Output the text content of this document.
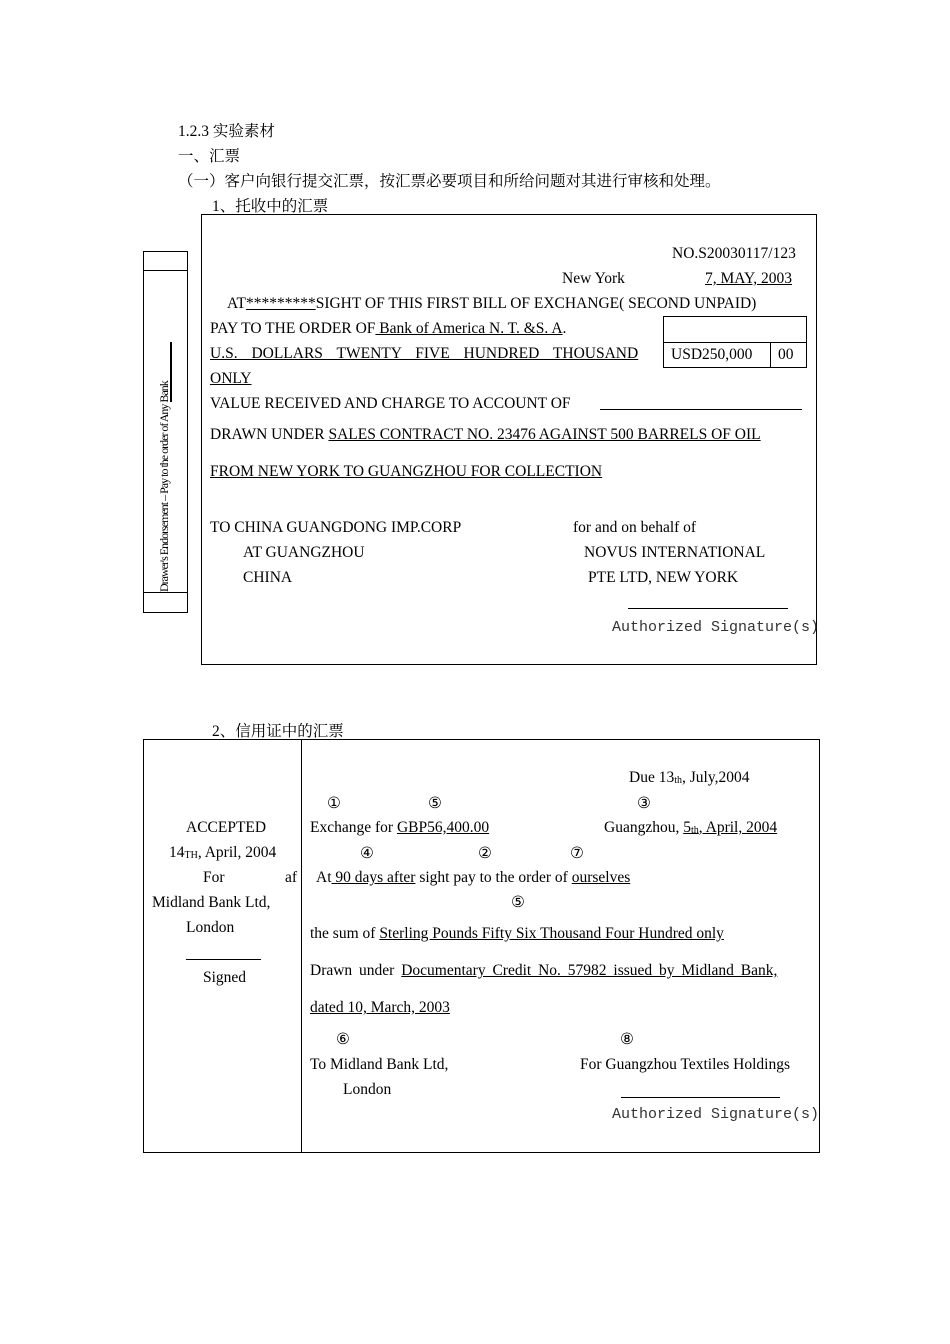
1.2.3 实验素材
一、汇票
（一）客户向银行提交汇票，按汇票必要项目和所给问题对其进行审核和处理。
1、托收中的汇票
Drawer's Endorsement – Pay to the order of Any Bank
NO.S20030117/123
New York	7, MAY, 2003
AT*********SIGHT OF THIS FIRST BILL OF EXCHANGE( SECOND UNPAID)
PAY TO THE ORDER OF Bank of America N. T. &S. A.
USD250,000 00
U.S. DOLLARS TWENTY FIVE HUNDRED THOUSAND
ONLY
VALUE RECEIVED AND CHARGE TO ACCOUNT OF
DRAWN UNDER SALES CONTRACT NO. 23476 AGAINST 500 BARRELS OF OIL
FROM NEW YORK TO GUANGZHOU FOR COLLECTION
TO CHINA GUANGDONG IMP.CORP
AT GUANGZHOU
CHINA
for and on behalf of
NOVUS INTERNATIONAL
PTE LTD, NEW YORK
Authorized Signature(s)
2、信用证中的汇票
ACCEPTED
14TH, April, 2004
For	af
Midland Bank Ltd,
London
Signed
Due 13th, July,2004
①	⑤	③
Exchange for GBP56,400.00	Guangzhou, 5th, April, 2004
④	②	⑦
At 90 days after sight pay to the order of ourselves
⑤
the sum of Sterling Pounds Fifty Six Thousand Four Hundred only
Drawn under Documentary Credit No. 57982 issued by Midland Bank,
dated 10, March, 2003
⑥	⑧
To Midland Bank Ltd,
London
For Guangzhou Textiles Holdings
Authorized Signature(s)
